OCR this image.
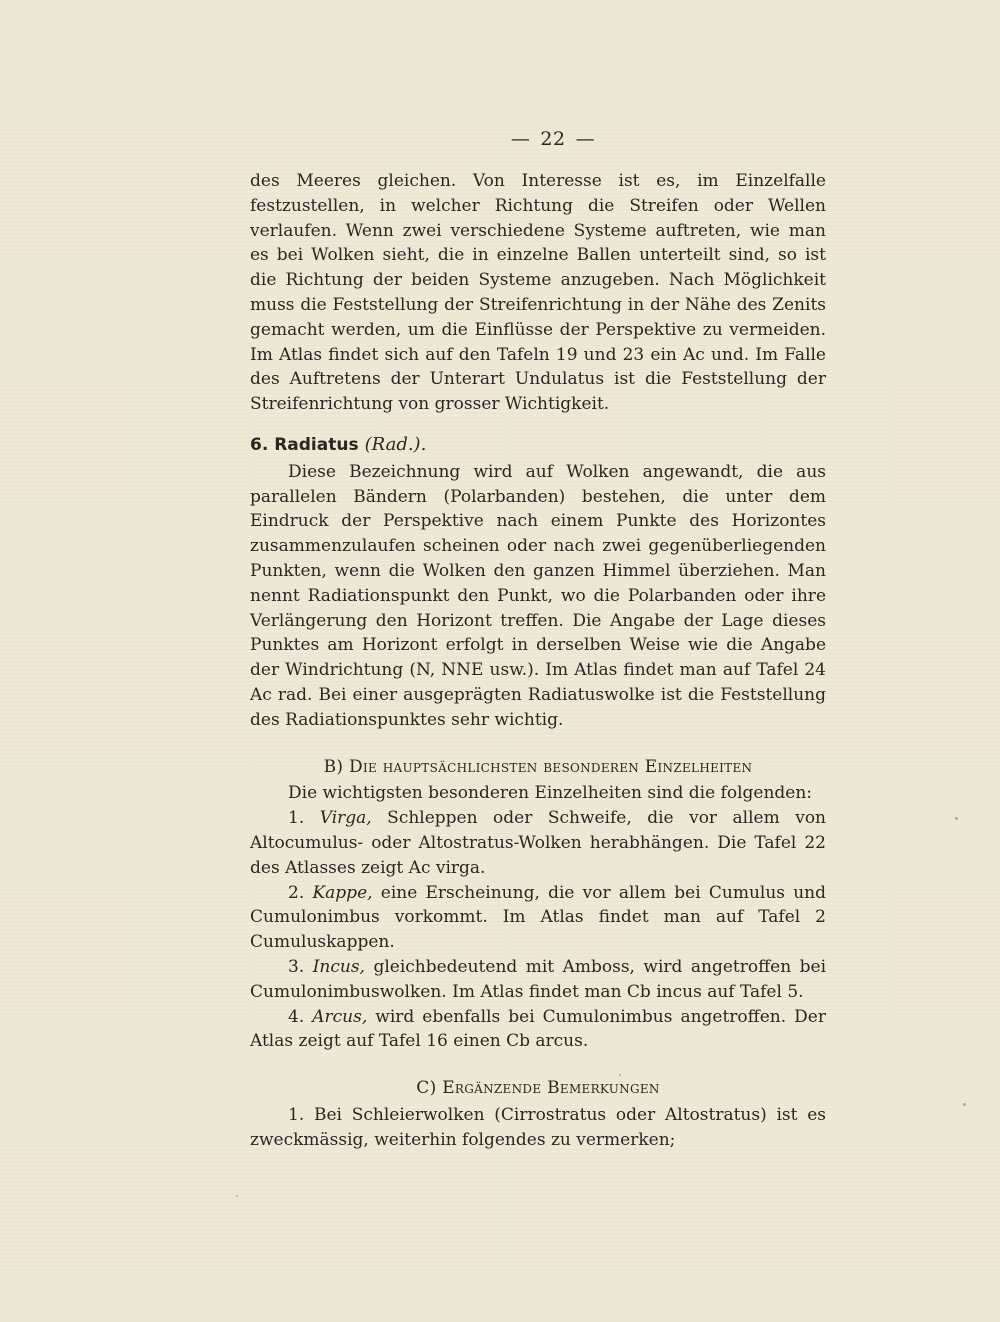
— 22 —

des Meeres gleichen. Von Interesse ist es, im Einzelfalle festzustellen, in welcher Richtung die Streifen oder Wellen verlaufen. Wenn zwei verschiedene Systeme auftreten, wie man es bei Wolken sieht, die in einzelne Ballen unterteilt sind, so ist die Richtung der beiden Systeme anzugeben. Nach Möglichkeit muss die Feststellung der Streifenrichtung in der Nähe des Zenits gemacht werden, um die Einflüsse der Perspektive zu vermeiden. Im Atlas findet sich auf den Tafeln 19 und 23 ein Ac und. Im Falle des Auftretens der Unterart Undulatus ist die Feststellung der Streifenrichtung von grosser Wichtigkeit.

6. Radiatus (Rad.).

Diese Bezeichnung wird auf Wolken angewandt, die aus parallelen Bändern (Polarbanden) bestehen, die unter dem Eindruck der Perspektive nach einem Punkte des Horizontes zusammenzulaufen scheinen oder nach zwei gegenüberliegenden Punkten, wenn die Wolken den ganzen Himmel überziehen. Man nennt Radiationspunkt den Punkt, wo die Polarbanden oder ihre Verlängerung den Horizont treffen. Die Angabe der Lage dieses Punktes am Horizont erfolgt in derselben Weise wie die Angabe der Windrichtung (N, NNE usw.). Im Atlas findet man auf Tafel 24 Ac rad. Bei einer ausgeprägten Radiatuswolke ist die Feststellung des Radiationspunktes sehr wichtig.

B) Die hauptsächlichsten besonderen Einzelheiten

Die wichtigsten besonderen Einzelheiten sind die folgenden:

1. Virga, Schleppen oder Schweife, die vor allem von Altocumulus- oder Altostratus-Wolken herabhängen. Die Tafel 22 des Atlasses zeigt Ac virga.

2. Kappe, eine Erscheinung, die vor allem bei Cumulus und Cumulonimbus vorkommt. Im Atlas findet man auf Tafel 2 Cumuluskappen.

3. Incus, gleichbedeutend mit Amboss, wird angetroffen bei Cumulonimbuswolken. Im Atlas findet man Cb incus auf Tafel 5.

4. Arcus, wird ebenfalls bei Cumulonimbus angetroffen. Der Atlas zeigt auf Tafel 16 einen Cb arcus.

C) Ergänzende Bemerkungen

1. Bei Schleierwolken (Cirrostratus oder Altostratus) ist es zweckmässig, weiterhin folgendes zu vermerken;
